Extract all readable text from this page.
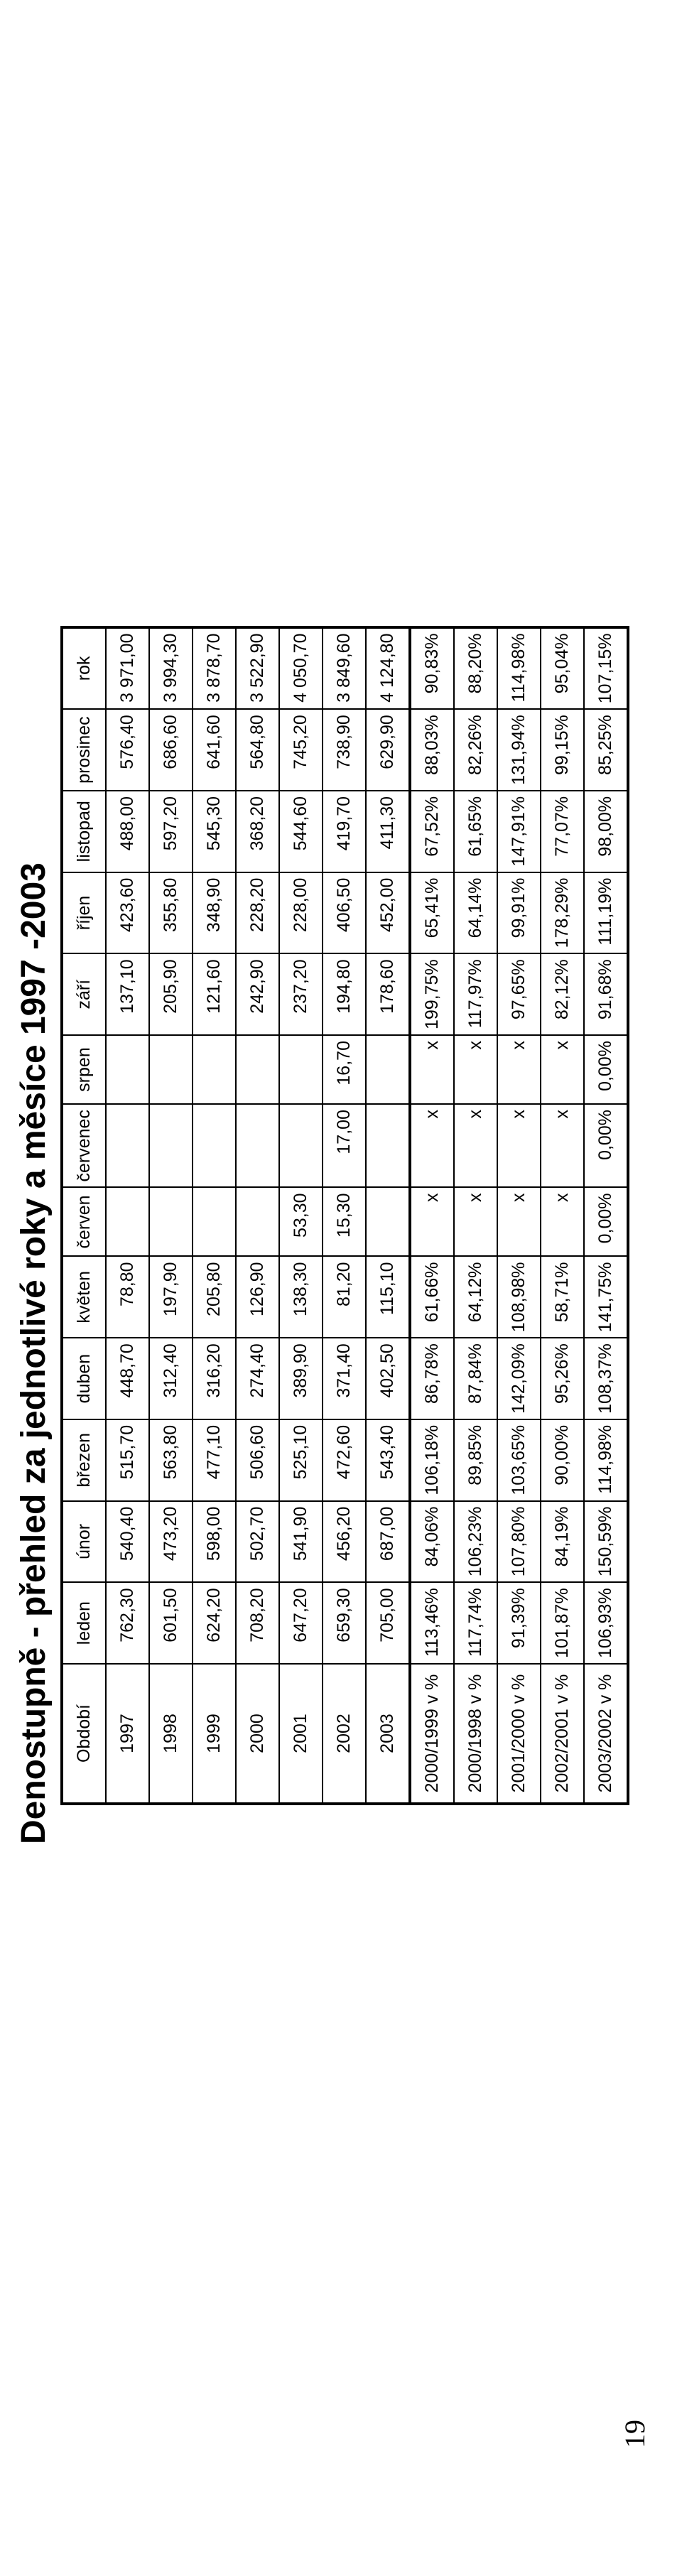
Denostupně - přehled za jednotlivé roky a měsíce 1997 -2003 Období	leden	únor	březen	duben	květen	červen	červenec	srpen	září	říjen	listopad	prosinec	rok
1997	762,30	540,40	515,70	448,70	78,80				137,10	423,60	488,00	576,40	3 971,00
1998	601,50	473,20	563,80	312,40	197,90				205,90	355,80	597,20	686,60	3 994,30
1999	624,20	598,00	477,10	316,20	205,80				121,60	348,90	545,30	641,60	3 878,70
2000	708,20	502,70	506,60	274,40	126,90				242,90	228,20	368,20	564,80	3 522,90
2001	647,20	541,90	525,10	389,90	138,30	53,30			237,20	228,00	544,60	745,20	4 050,70
2002	659,30	456,20	472,60	371,40	81,20	15,30	17,00	16,70	194,80	406,50	419,70	738,90	3 849,60
2003	705,00	687,00	543,40	402,50	115,10				178,60	452,00	411,30	629,90	4 124,80
2000/1999 v %	113,46%	84,06%	106,18%	86,78%	61,66%	x	x	x	199,75%	65,41%	67,52%	88,03%	90,83%
2000/1998 v %	117,74%	106,23%	89,85%	87,84%	64,12%	x	x	x	117,97%	64,14%	61,65%	82,26%	88,20%
2001/2000 v %	91,39%	107,80%	103,65%	142,09%	108,98%	x	x	x	97,65%	99,91%	147,91%	131,94%	114,98%
2002/2001 v %	101,87%	84,19%	90,00%	95,26%	58,71%	x	x	x	82,12%	178,29%	77,07%	99,15%	95,04%
2003/2002 v %	106,93%	150,59%	114,98%	108,37%	141,75%	0,00%	0,00%	0,00%	91,68%	111,19%	98,00%	85,25%	107,15%
19
